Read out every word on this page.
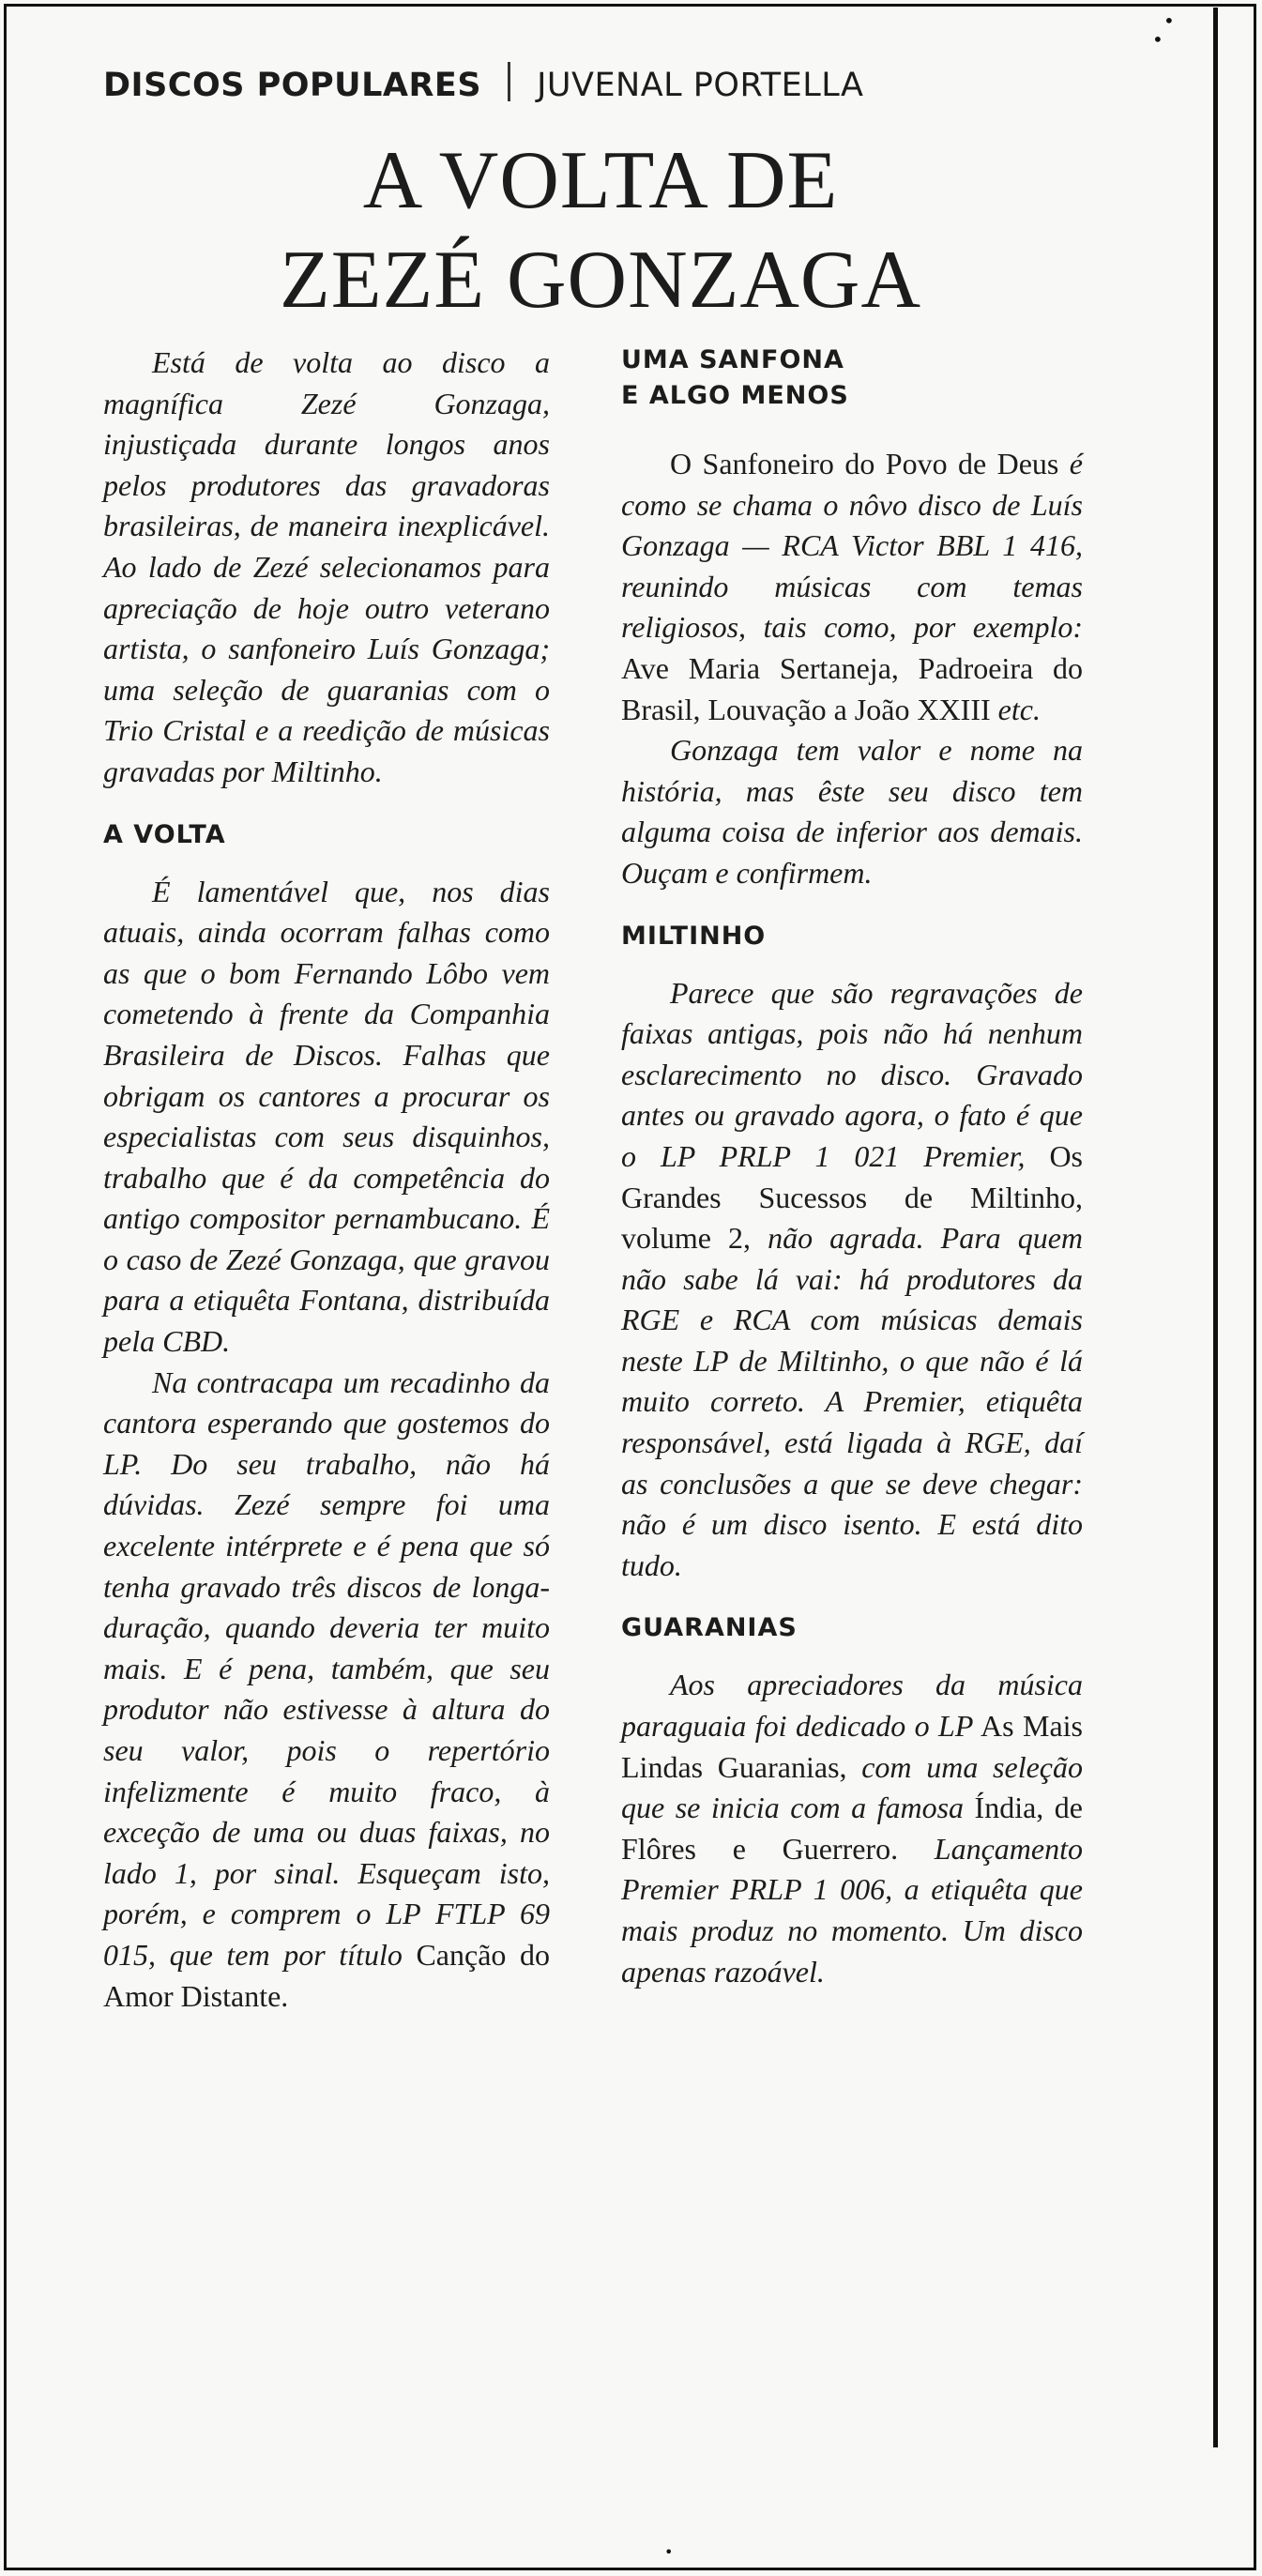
•
•
•
DISCOS POPULARES JUVENAL PORTELLA
A VOLTA DE
ZEZÉ GONZAGA

Está de volta ao disco a magnífica Zezé Gonzaga, injustiçada durante longos anos pelos produtores das gravadoras brasileiras, de maneira inexplicável. Ao lado de Zezé selecionamos para apreciação de hoje outro veterano artista, o sanfoneiro Luís Gonzaga; uma seleção de guaranias com o Trio Cristal e a reedição de músicas gravadas por Miltinho.

A VOLTA

É lamentável que, nos dias atuais, ainda ocorram falhas como as que o bom Fernando Lôbo vem cometendo à frente da Companhia Brasileira de Discos. Falhas que obrigam os cantores a procurar os especialistas com seus disquinhos, trabalho que é da competência do antigo compositor pernambucano. É o caso de Zezé Gonzaga, que gravou para a etiquêta Fontana, distribuída pela CBD.

Na contracapa um recadinho da cantora esperando que gostemos do LP. Do seu trabalho, não há dúvidas. Zezé sempre foi uma excelente intérprete e é pena que só tenha gravado três discos de longa-duração, quando deveria ter muito mais. E é pena, também, que seu produtor não estivesse à altura do seu valor, pois o repertório infelizmente é muito fraco, à exceção de uma ou duas faixas, no lado 1, por sinal. Esqueçam isto, porém, e comprem o LP FTLP 69 015, que tem por título Canção do Amor Distante.

UMA SANFONA
E ALGO MENOS

O Sanfoneiro do Povo de Deus é como se chama o nôvo disco de Luís Gonzaga — RCA Victor BBL 1 416, reunindo músicas com temas religiosos, tais como, por exemplo: Ave Maria Sertaneja, Padroeira do Brasil, Louvação a João XXIII etc.

Gonzaga tem valor e nome na história, mas êste seu disco tem alguma coisa de inferior aos demais. Ouçam e confirmem.

MILTINHO

Parece que são regravações de faixas antigas, pois não há nenhum esclarecimento no disco. Gravado antes ou gravado agora, o fato é que o LP PRLP 1 021 Premier, Os Grandes Sucessos de Miltinho, volume 2, não agrada. Para quem não sabe lá vai: há produtores da RGE e RCA com músicas demais neste LP de Miltinho, o que não é lá muito correto. A Premier, etiquêta responsável, está ligada à RGE, daí as conclusões a que se deve chegar: não é um disco isento. E está dito tudo.

GUARANIAS

Aos apreciadores da música paraguaia foi dedicado o LP As Mais Lindas Guaranias, com uma seleção que se inicia com a famosa Índia, de Flôres e Guerrero. Lançamento Premier PRLP 1 006, a etiquêta que mais produz no momento. Um disco apenas razoável.
